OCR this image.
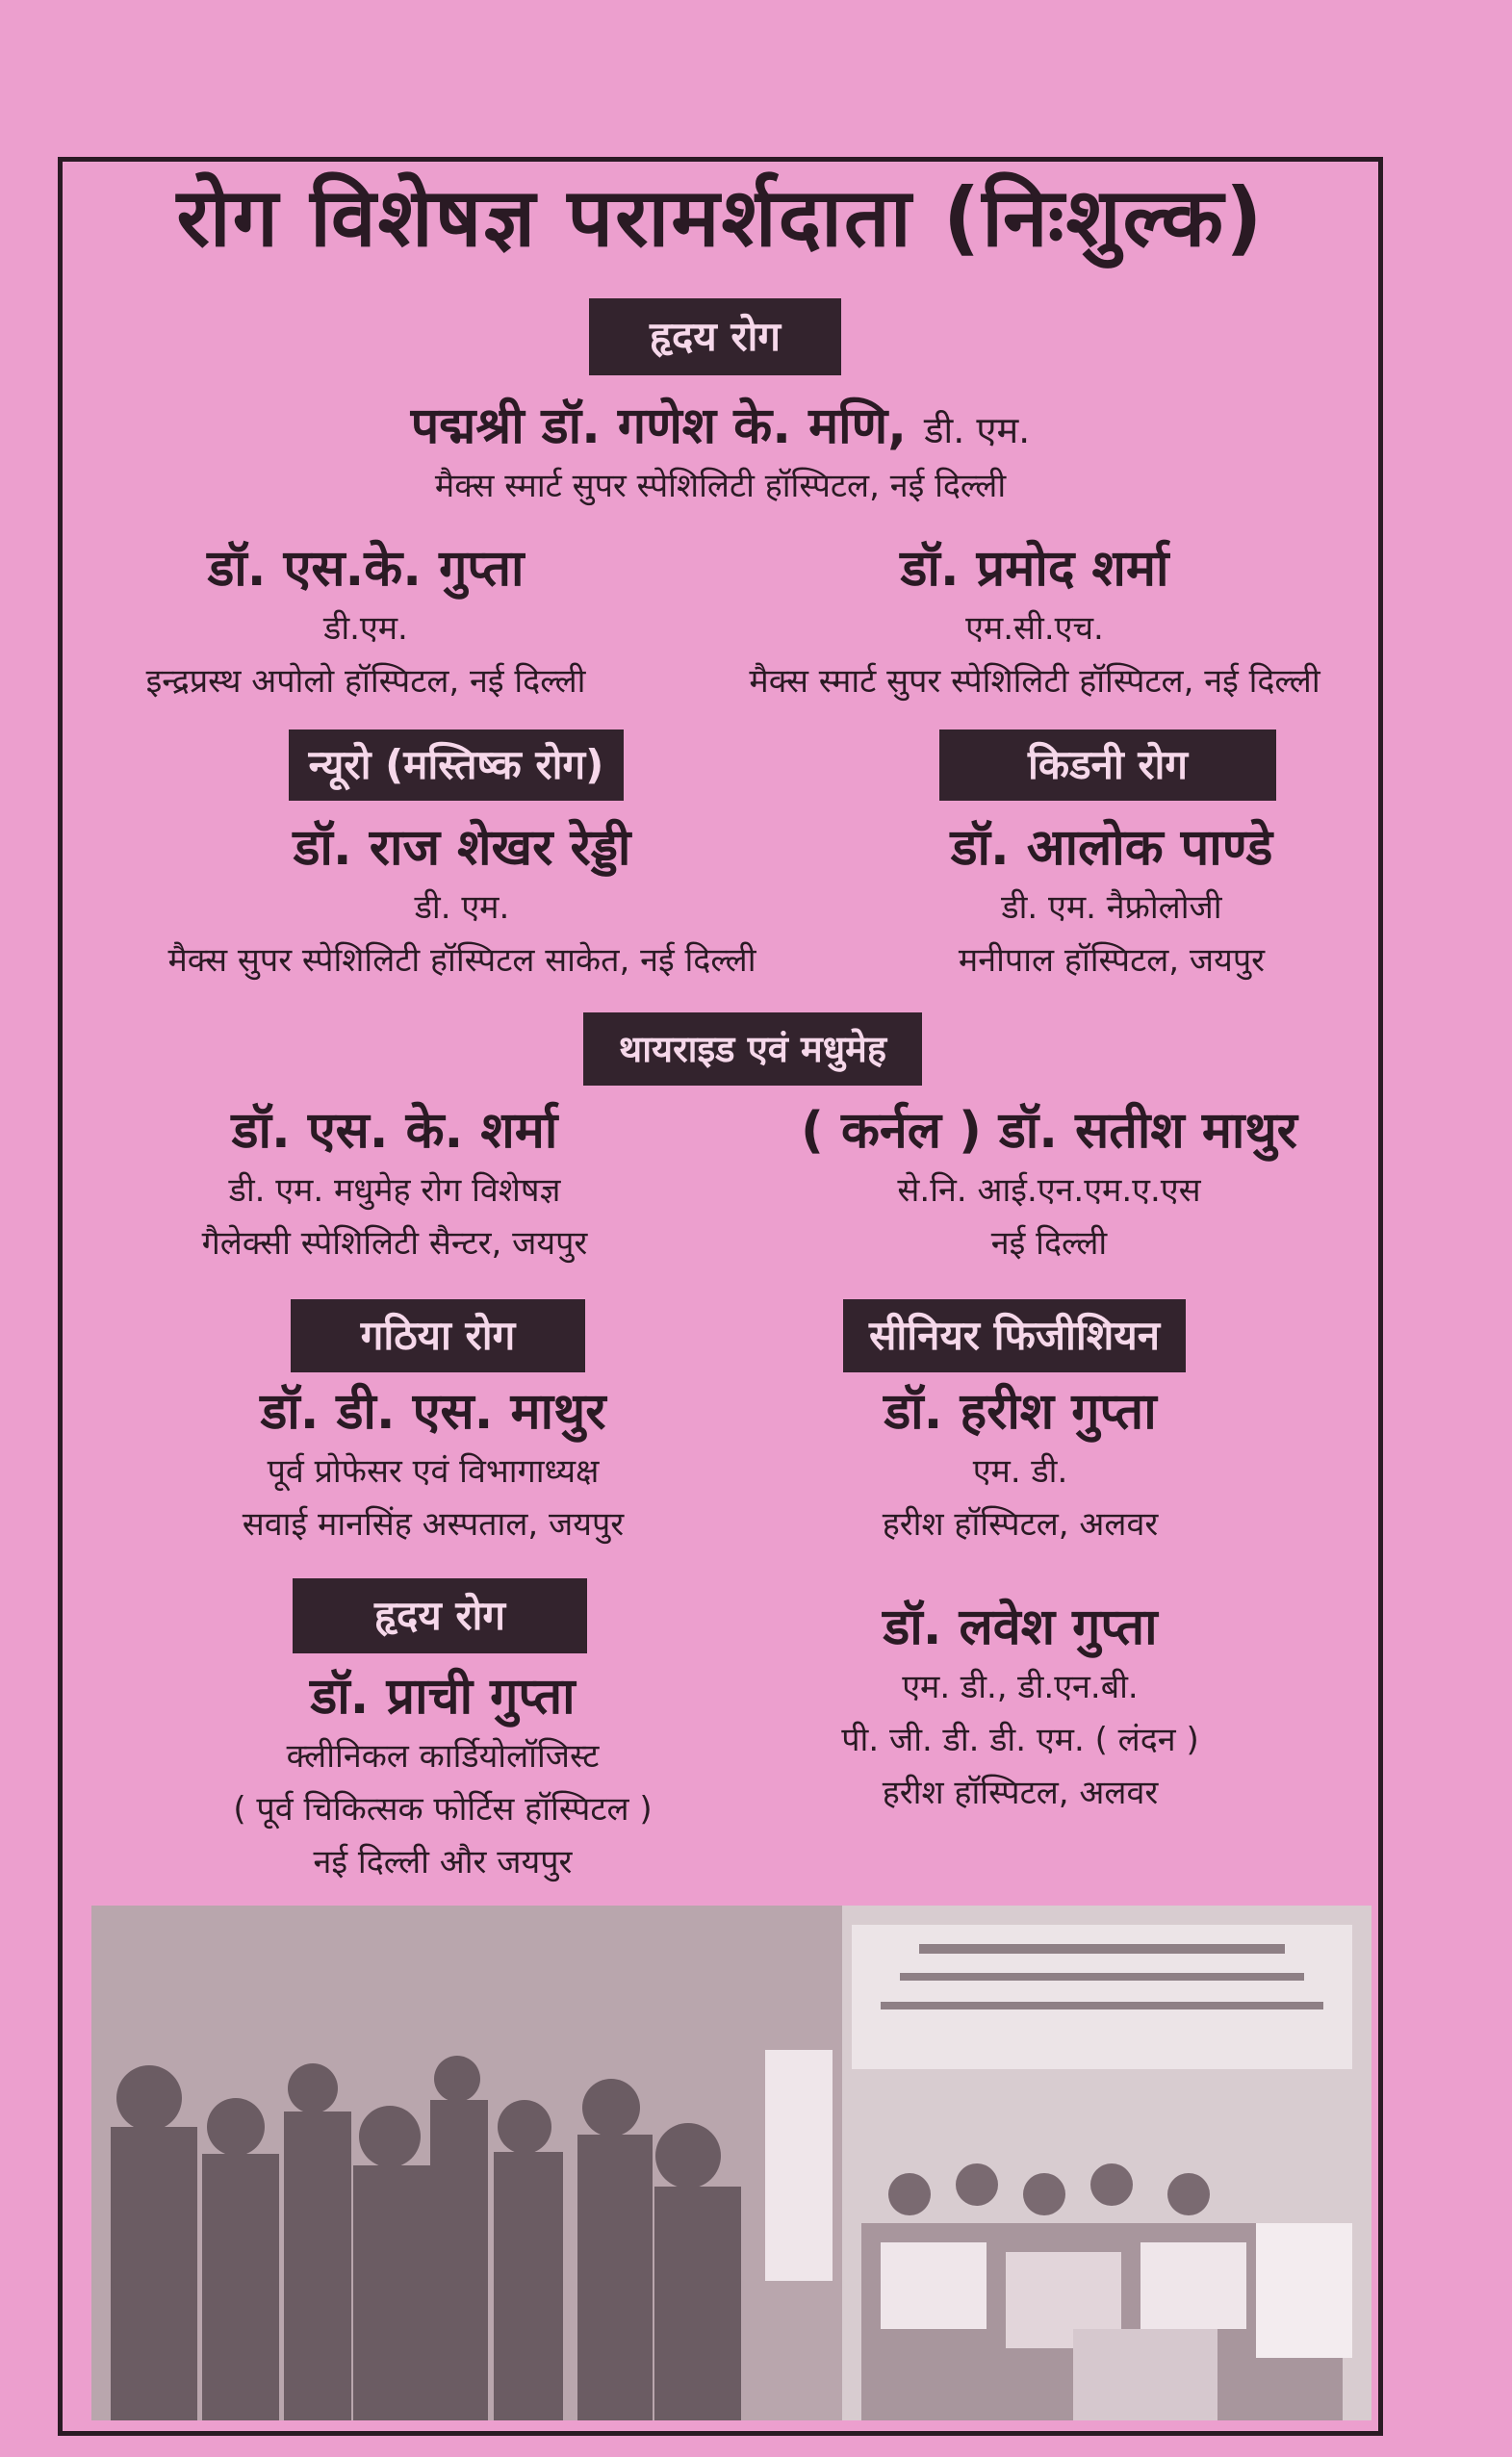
रोग विशेषज्ञ परामर्शदाता (निःशुल्क)
हृदय रोग
पद्मश्री डॉ. गणेश के. मणि, डी. एम.
मैक्स स्मार्ट सुपर स्पेशिलिटी हॉस्पिटल, नई दिल्ली
डॉ. एस.के. गुप्ता
डी.एम.
इन्द्रप्रस्थ अपोलो हॉस्पिटल, नई दिल्ली
डॉ. प्रमोद शर्मा
एम.सी.एच.
मैक्स स्मार्ट सुपर स्पेशिलिटी हॉस्पिटल, नई दिल्ली
न्यूरो (मस्तिष्क रोग)	किडनी रोग
डॉ. राज शेखर रेड्डी
डी. एम.
मैक्स सुपर स्पेशिलिटी हॉस्पिटल साकेत, नई दिल्ली
डॉ. आलोक पाण्डे
डी. एम. नैफ्रोलोजी
मनीपाल हॉस्पिटल, जयपुर
थायराइड एवं मधुमेह
डॉ. एस. के. शर्मा
डी. एम. मधुमेह रोग विशेषज्ञ
गैलेक्सी स्पेशिलिटी सैन्टर, जयपुर
( कर्नल ) डॉ. सतीश माथुर
से.नि. आई.एन.एम.ए.एस
नई दिल्ली
गठिया रोग	सीनियर फिजीशियन
डॉ. डी. एस. माथुर
पूर्व प्रोफेसर एवं विभागाध्यक्ष
सवाई मानसिंह अस्पताल, जयपुर
डॉ. हरीश गुप्ता
एम. डी.
हरीश हॉस्पिटल, अलवर
हृदय रोग	डॉ. लवेश गुप्ता
एम. डी., डी.एन.बी.
पी. जी. डी. डी. एम. ( लंदन )
हरीश हॉस्पिटल, अलवर
डॉ. प्राची गुप्ता
क्लीनिकल कार्डियोलॉजिस्ट
( पूर्व चिकित्सक फोर्टिस हॉस्पिटल )
नई दिल्ली और जयपुर
